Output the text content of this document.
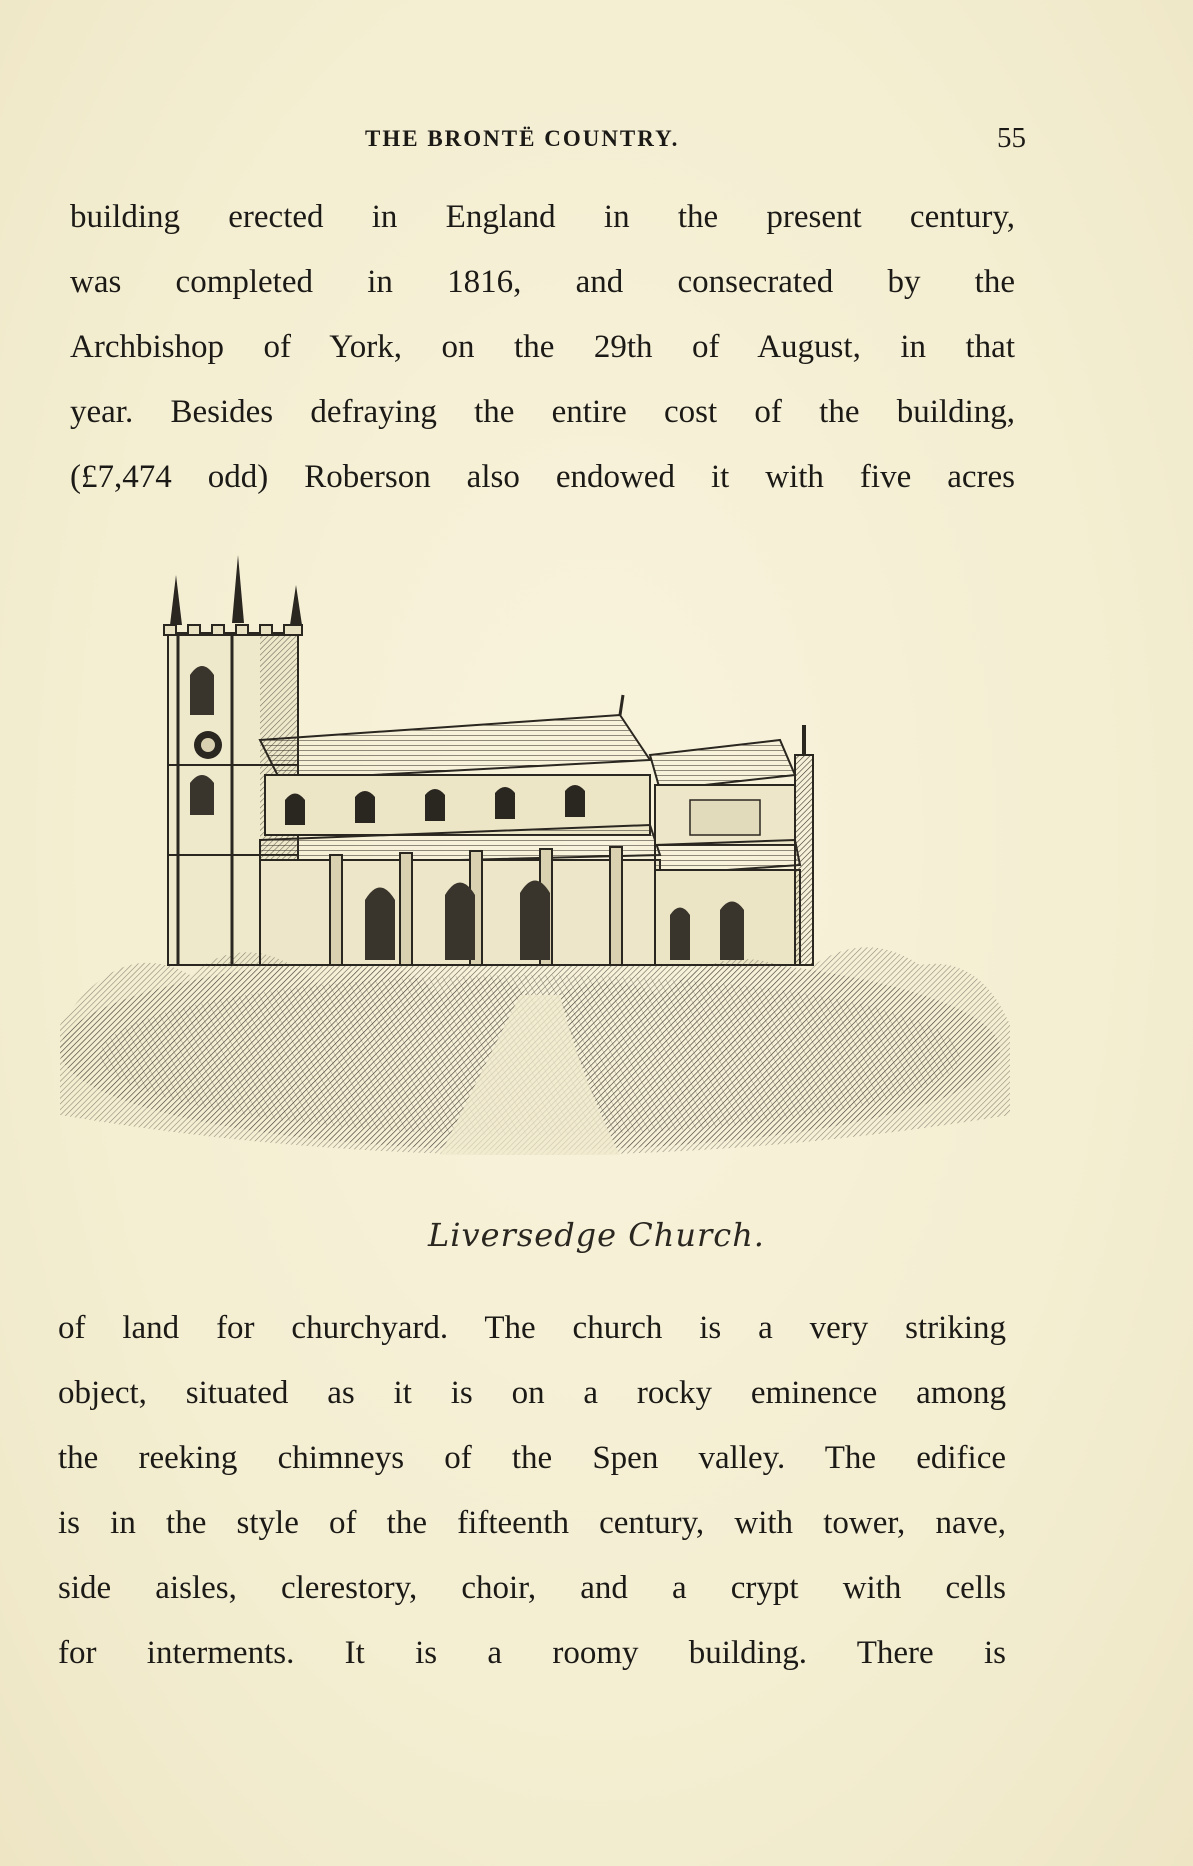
THE BRONTË COUNTRY.	55
building erected in England in the present century,
was completed in 1816, and consecrated by the
Archbishop of York, on the 29th of August, in that
year. Besides defraying the entire cost of the building,
(£7,474 odd) Roberson also endowed it with five acres
Liversedge Church.
of land for churchyard. The church is a very striking
object, situated as it is on a rocky eminence among
the reeking chimneys of the Spen valley. The edifice
is in the style of the fifteenth century, with tower, nave,
side aisles, clerestory, choir, and a crypt with cells
for interments. It is a roomy building. There is
